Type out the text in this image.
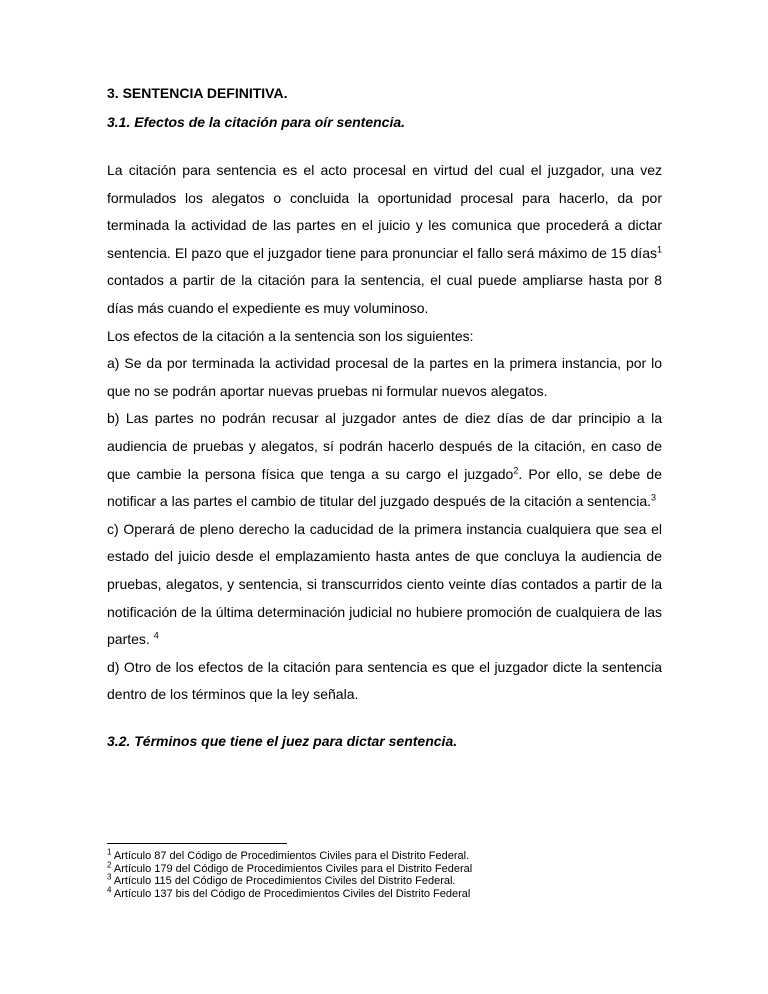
3. SENTENCIA DEFINITIVA.

3.1. Efectos de la citación para oír sentencia.

La citación para sentencia es el acto procesal en virtud del cual el juzgador, una vez formulados los alegatos o concluida la oportunidad procesal para hacerlo, da por terminada la actividad de las partes en el juicio y les comunica que procederá a dictar sentencia. El pazo que el juzgador tiene para pronunciar el fallo será máximo de 15 días$^1$ contados a partir de la citación para la sentencia, el cual puede ampliarse hasta por 8 días más cuando el expediente es muy voluminoso.

Los efectos de la citación a la sentencia son los siguientes:

a) Se da por terminada la actividad procesal de la partes en la primera instancia, por lo que no se podrán aportar nuevas pruebas ni formular nuevos alegatos.

b) Las partes no podrán recusar al juzgador antes de diez días de dar principio a la audiencia de pruebas y alegatos, sí podrán hacerlo después de la citación, en caso de que cambie la persona física que tenga a su cargo el juzgado$^2$. Por ello, se debe de notificar a las partes el cambio de titular del juzgado después de la citación a sentencia.$^3$

c) Operará de pleno derecho la caducidad de la primera instancia cualquiera que sea el estado del juicio desde el emplazamiento hasta antes de que concluya la audiencia de pruebas, alegatos, y sentencia, si transcurridos ciento veinte días contados a partir de la notificación de la última determinación judicial no hubiere promoción de cualquiera de las partes. $^4$

d) Otro de los efectos de la citación para sentencia es que el juzgador dicte la sentencia dentro de los términos que la ley señala.

3.2. Términos que tiene el juez para dictar sentencia.

$^1$ Artículo 87 del Código de Procedimientos Civiles para el Distrito Federal.

$^2$ Artículo 179 del Código de Procedimientos Civiles para el Distrito Federal

$^3$ Artículo 115 del Código de Procedimientos Civiles del Distrito Federal.

$^4$ Artículo 137 bis del Código de Procedimientos Civiles del Distrito Federal
